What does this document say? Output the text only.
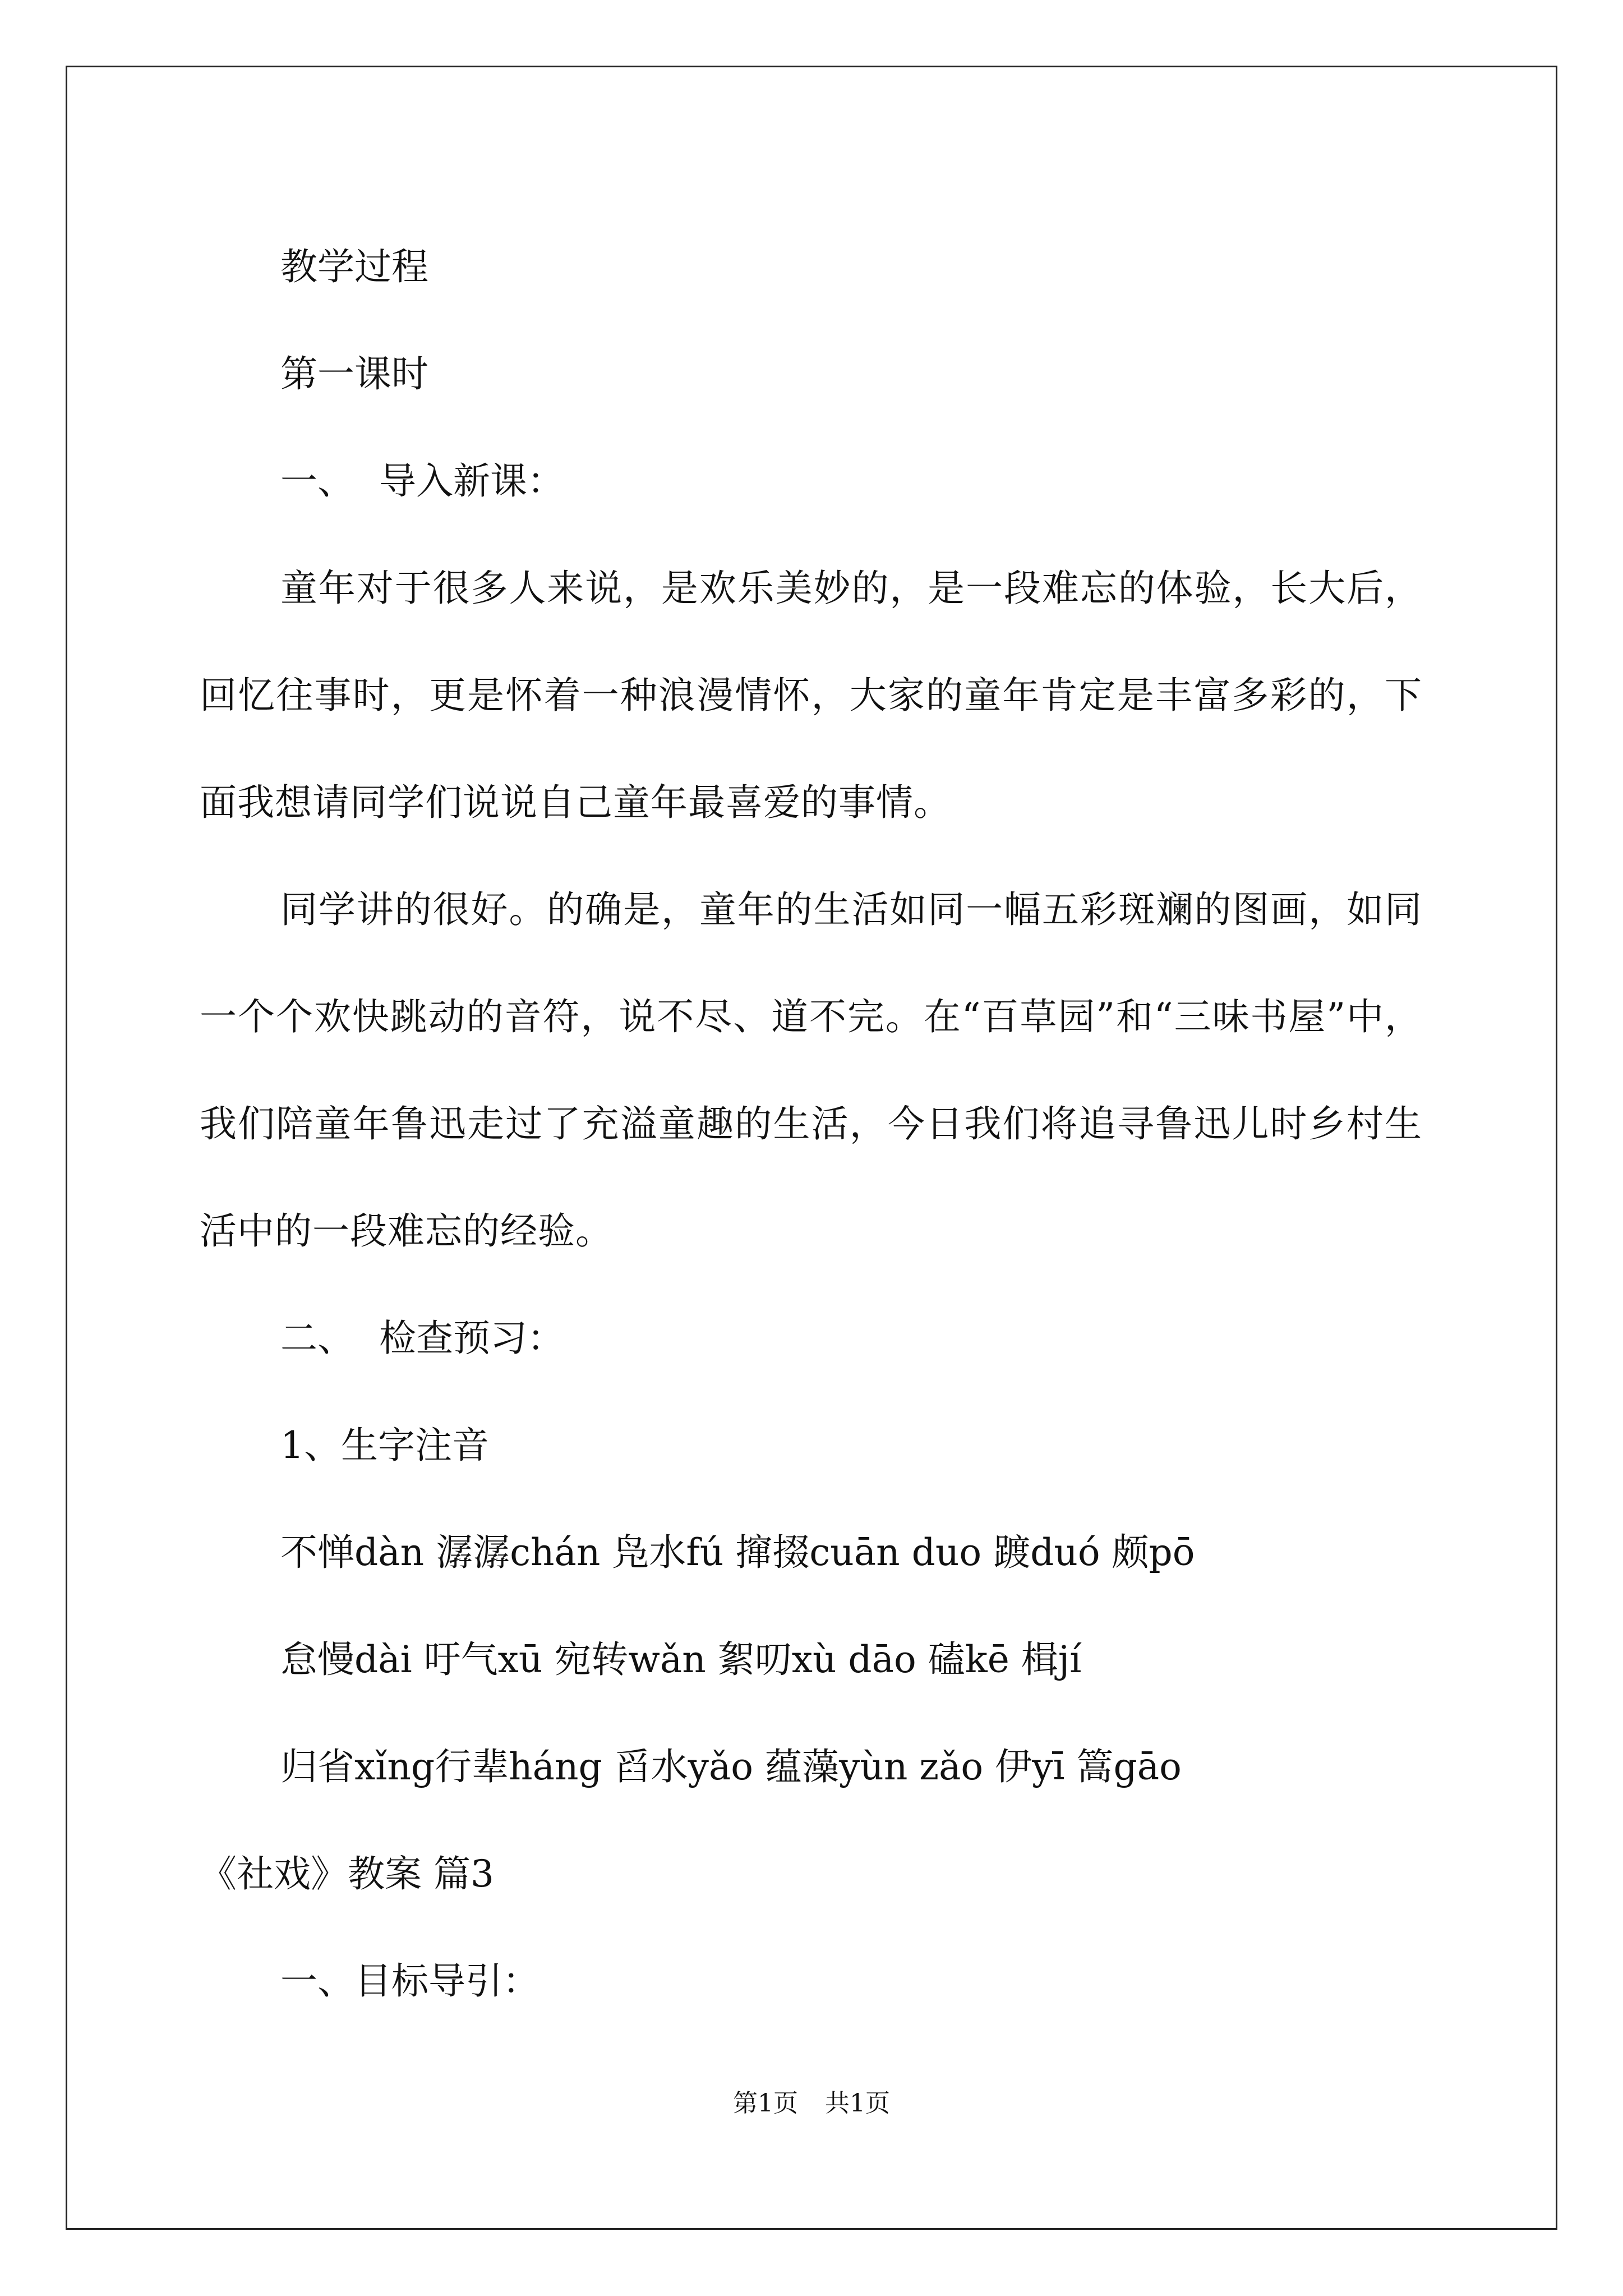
教学过程

第一课时

一、 导入新课：

童年对于很多人来说，是欢乐美妙的，是一段难忘的体验，长大后，回忆往事时，更是怀着一种浪漫情怀，大家的童年肯定是丰富多彩的，下面我想请同学们说说自己童年最喜爱的事情。

同学讲的很好。的确是，童年的生活如同一幅五彩斑斓的图画，如同一个个欢快跳动的音符，说不尽、道不完。在“百草园”和“三味书屋”中，我们陪童年鲁迅走过了充溢童趣的生活，今日我们将追寻鲁迅儿时乡村生活中的一段难忘的经验。

二、 检查预习：

1、生字注音

不惮dàn 潺潺chán 凫水fú 撺掇cuān duo 踱duó 颇pō

怠慢dài 吁气xū 宛转wǎn 絮叨xù dāo 磕kē 楫jí

归省xǐng行辈háng 舀水yǎo 蕴藻yùn zǎo 伊yī 篙gāo

《社戏》教案 篇3

一、目标导引：

第1页 共1页
